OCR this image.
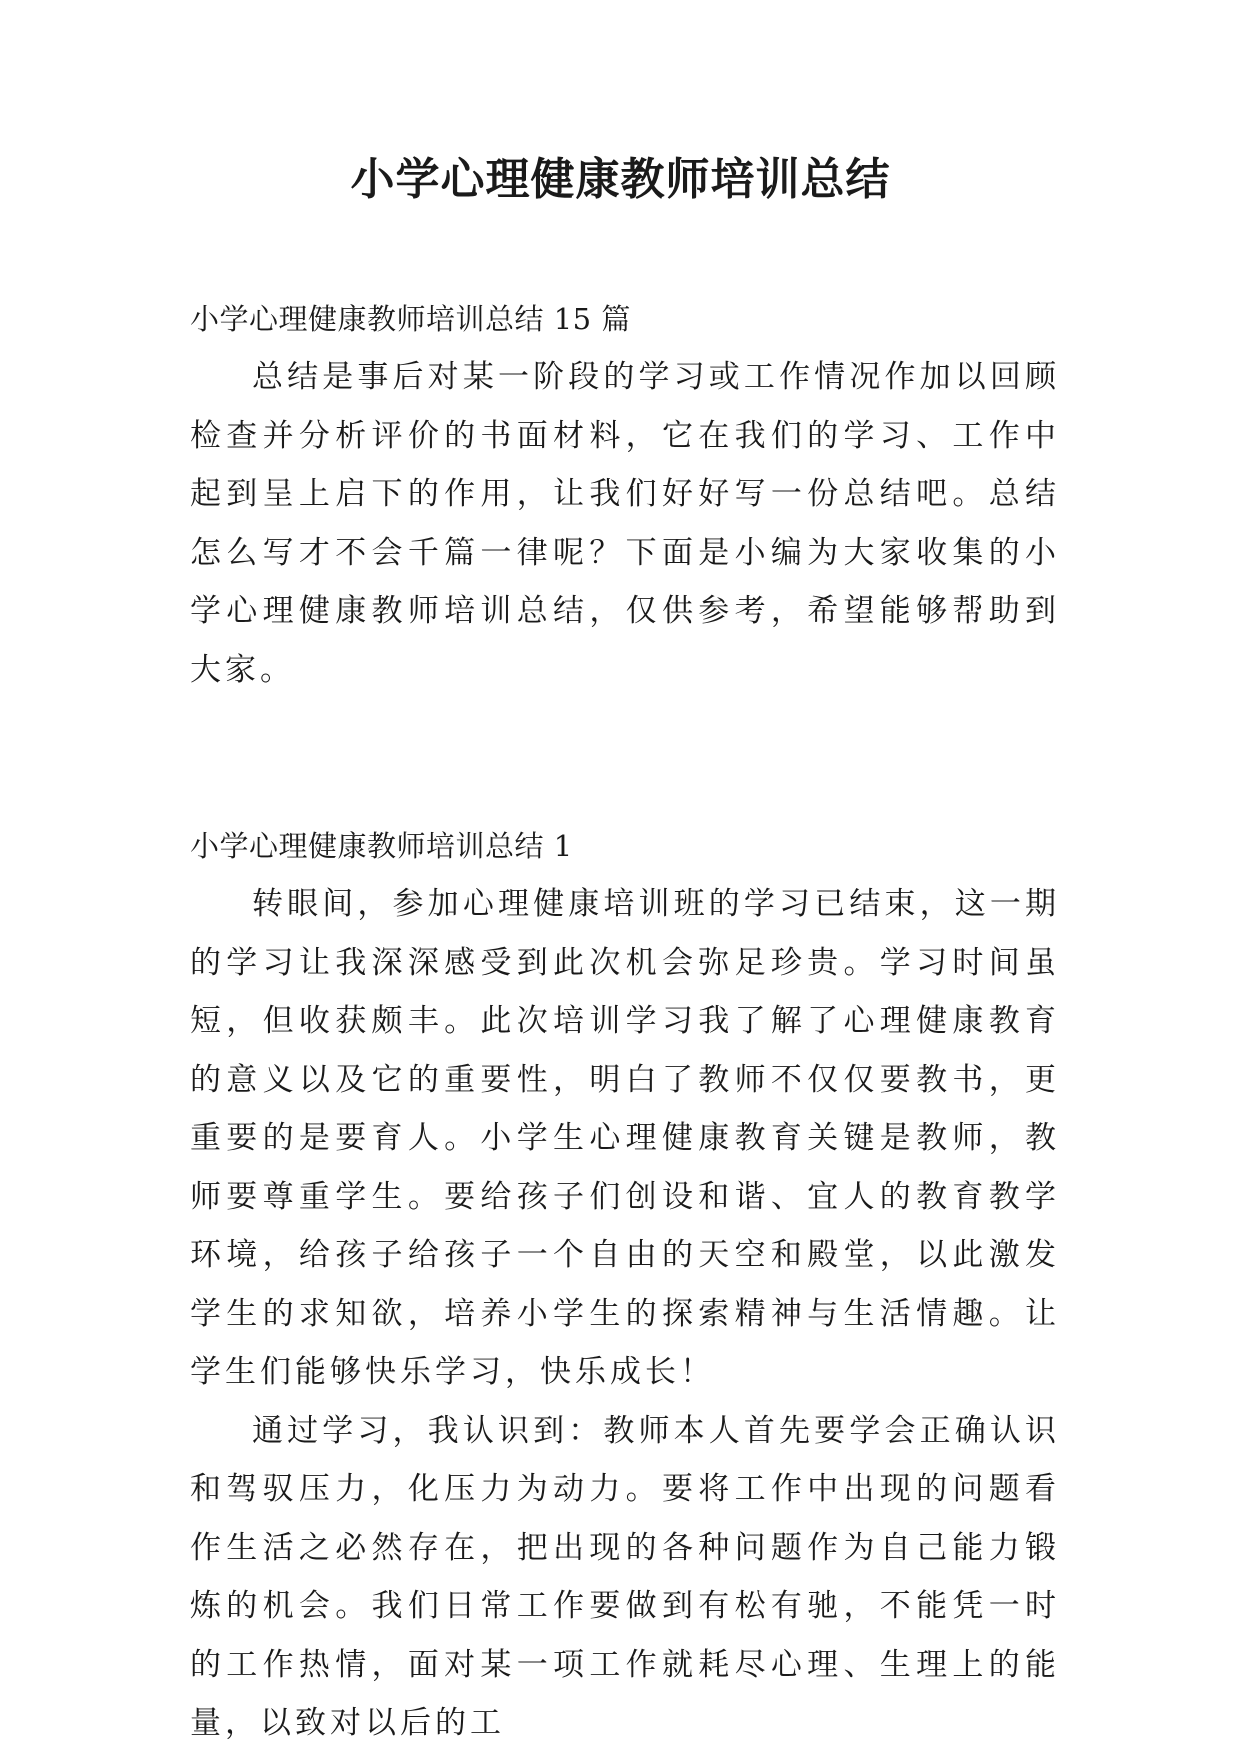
小学心理健康教师培训总结

小学心理健康教师培训总结 15 篇

总结是事后对某一阶段的学习或工作情况作加以回顾检查并分析评价的书面材料，它在我们的学习、工作中起到呈上启下的作用，让我们好好写一份总结吧。总结怎么写才不会千篇一律呢？下面是小编为大家收集的小学心理健康教师培训总结，仅供参考，希望能够帮助到大家。

小学心理健康教师培训总结 1

转眼间，参加心理健康培训班的学习已结束，这一期的学习让我深深感受到此次机会弥足珍贵。学习时间虽短，但收获颇丰。此次培训学习我了解了心理健康教育的意义以及它的重要性，明白了教师不仅仅要教书，更重要的是要育人。小学生心理健康教育关键是教师，教师要尊重学生。要给孩子们创设和谐、宜人的教育教学环境，给孩子给孩子一个自由的天空和殿堂，以此激发学生的求知欲，培养小学生的探索精神与生活情趣。让学生们能够快乐学习，快乐成长！

通过学习，我认识到：教师本人首先要学会正确认识和驾驭压力，化压力为动力。要将工作中出现的问题看作生活之必然存在，把出现的各种问题作为自己能力锻炼的机会。我们日常工作要做到有松有驰，不能凭一时的工作热情，面对某一项工作就耗尽心理、生理上的能量，以致对以后的工
